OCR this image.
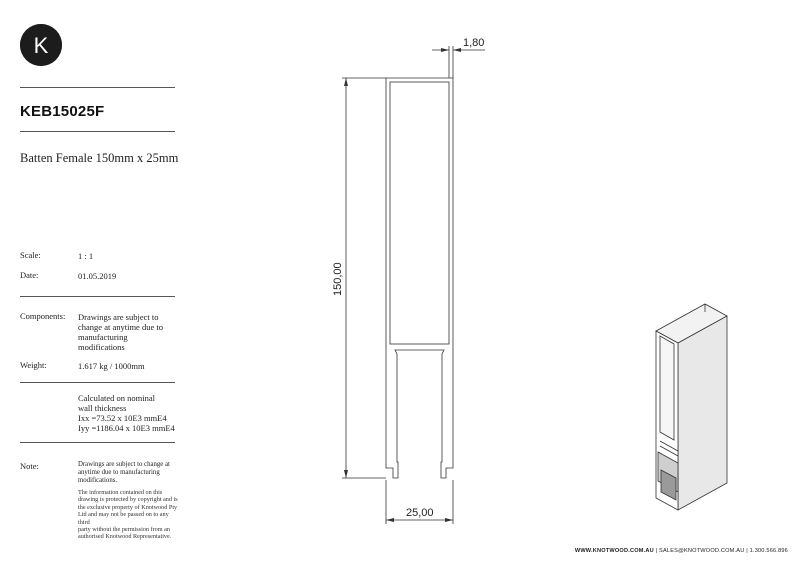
K
KEB15025F
Batten Female 150mm x 25mm
Scale:	1 : 1
Date:	01.05.2019
Components: Drawings are subject to
change at anytime due to
manufacturing
modifications
Weight:	1.617 kg / 1000mm
Calculated on nominal
wall thickness
Ixx =73.52 x 10E3 mmE4
Iyy =1186.04 x 10E3 mmE4
Note:	Drawings are subject to change at
anytime due to manufacturing
modifications.
The information contained on this
drawing is protected by copyright and is
the exclusive property of Knotwood Pty
Ltd and may not be passed on to any third
party without the permission from an
authorised Knotwood Representative.
1,80
25,00
150,00
WWW.KNOTWOOD.COM.AU | SALES@KNOTWOOD.COM.AU | 1.300.566.896
